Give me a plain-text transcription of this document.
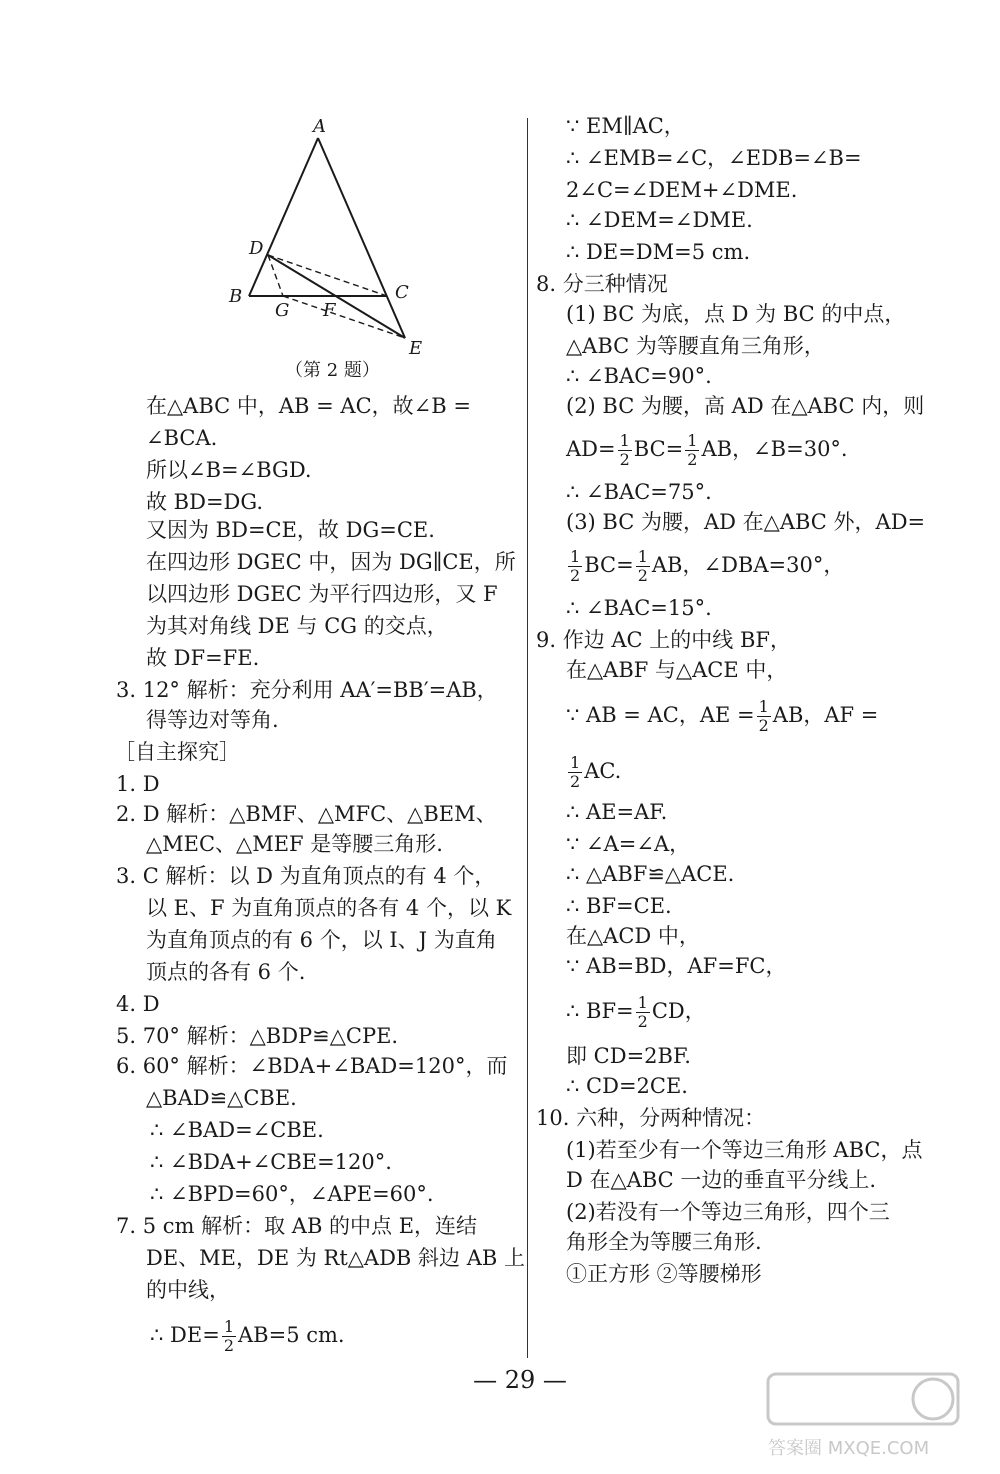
A
D
B	C
G F
E
（第 2 题）
在△ABC 中，AB = AC，故∠B =
∠BCA.
所以∠B=∠BGD.
故 BD=DG.
又因为 BD=CE，故 DG=CE.
在四边形 DGEC 中，因为 DG∥CE，所
以四边形 DGEC 为平行四边形，又 F
为其对角线 DE 与 CG 的交点，
故 DF=FE.
3. 12° 解析：充分利用 AA′=BB′=AB，
得等边对等角.
［自主探究］
1. D
2. D 解析：△BMF、△MFC、△BEM、
△MEC、△MEF 是等腰三角形.
3. C 解析：以 D 为直角顶点的有 4 个，
以 E、F 为直角顶点的各有 4 个，以 K
为直角顶点的有 6 个，以 I、J 为直角
顶点的各有 6 个.
4. D
5. 70° 解析：△BDP≌△CPE.
6. 60° 解析：∠BDA+∠BAD=120°，而
△BAD≌△CBE.
∴ ∠BAD=∠CBE.
∴ ∠BDA+∠CBE=120°.
∴ ∠BPD=60°，∠APE=60°.
7. 5 cm 解析：取 AB 的中点 E，连结
DE、ME，DE 为 Rt△ADB 斜边 AB 上
的中线，
∴ $DE= \frac{1}{2} AB=5$ cm.
∵ EM∥AC，
∴ ∠EMB=∠C，∠EDB=∠B=
2∠C=∠DEM+∠DME.
∴ ∠DEM=∠DME.
∴ DE=DM=5 cm.
8. 分三种情况
(1) BC 为底，点 D 为 BC 的中点，
△ABC 为等腰直角三角形，
∴ ∠BAC=90°.
(2) BC 为腰，高 AD 在△ABC 内，则
$AD= \frac{1}{2} BC= \frac{1}{2}$ AB，∠B=30°.
∴ ∠BAC=75°.
(3) BC 为腰，AD 在△ABC 外，AD=
$\frac{1}{2} BC= \frac{1}{2}$ AB，∠DBA=30°，
∴ ∠BAC=15°.
9. 作边 AC 上的中线 BF，
在△ABF 与△ACE 中，
∵ AB = AC，AE = $\frac{1}{2}$ AB，AF =
$\frac{1}{2}$ AC.
∴ AE=AF.
∵ ∠A=∠A，
∴ △ABF≌△ACE.
∴ BF=CE.
在△ACD 中，
∵ AB=BD，AF=FC，
∴ $BF= \frac{1}{2}$ CD，
即 CD=2BF.
∴ CD=2CE.
10. 六种，分两种情况：
(1)若至少有一个等边三角形 ABC，点
D 在△ABC 一边的垂直平分线上.
(2)若没有一个等边三角形，四个三
角形全为等腰三角形.
①正方形 ②等腰梯形
— 29 —
答案圈 MXQE.COM
